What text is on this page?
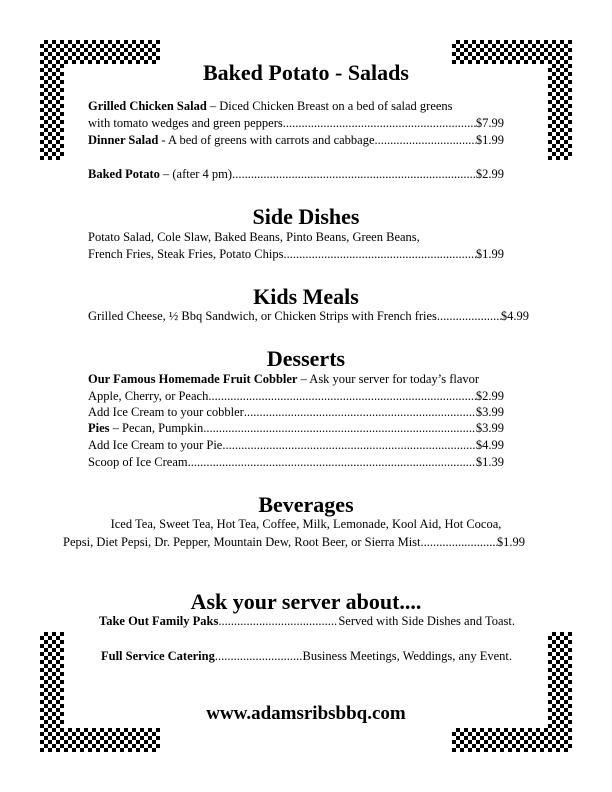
Baked Potato - Salads
Grilled Chicken Salad – Diced Chicken Breast on a bed of salad greens
with tomato wedges and green peppers .....	$7.99
Dinner Salad - A bed of greens with carrots and cabbage .....	$1.99
Baked Potato – (after 4 pm) .....	$2.99
Side Dishes
Potato Salad, Cole Slaw, Baked Beans, Pinto Beans, Green Beans,
French Fries, Steak Fries, Potato Chips .....	$1.99
Kids Meals
Grilled Cheese, ½ Bbq Sandwich, or Chicken Strips with French fries .....	$4.99
Desserts
Our Famous Homemade Fruit Cobbler – Ask your server for today’s flavor
Apple, Cherry, or Peach .....	$2.99
Add Ice Cream to your cobbler .....	$3.99
Pies – Pecan, Pumpkin .....	$3.99
Add Ice Cream to your Pie .....	$4.99
Scoop of Ice Cream .....	$1.39
Beverages
Iced Tea, Sweet Tea, Hot Tea, Coffee, Milk, Lemonade, Kool Aid, Hot Cocoa,
Pepsi, Diet Pepsi, Dr. Pepper, Mountain Dew, Root Beer, or Sierra Mist .....	$1.99
Ask your server about....
Take Out Family Paks .....	Served with Side Dishes and Toast.
Full Service Catering .....	Business Meetings, Weddings, any Event.
www.adamsribsbbq.com
